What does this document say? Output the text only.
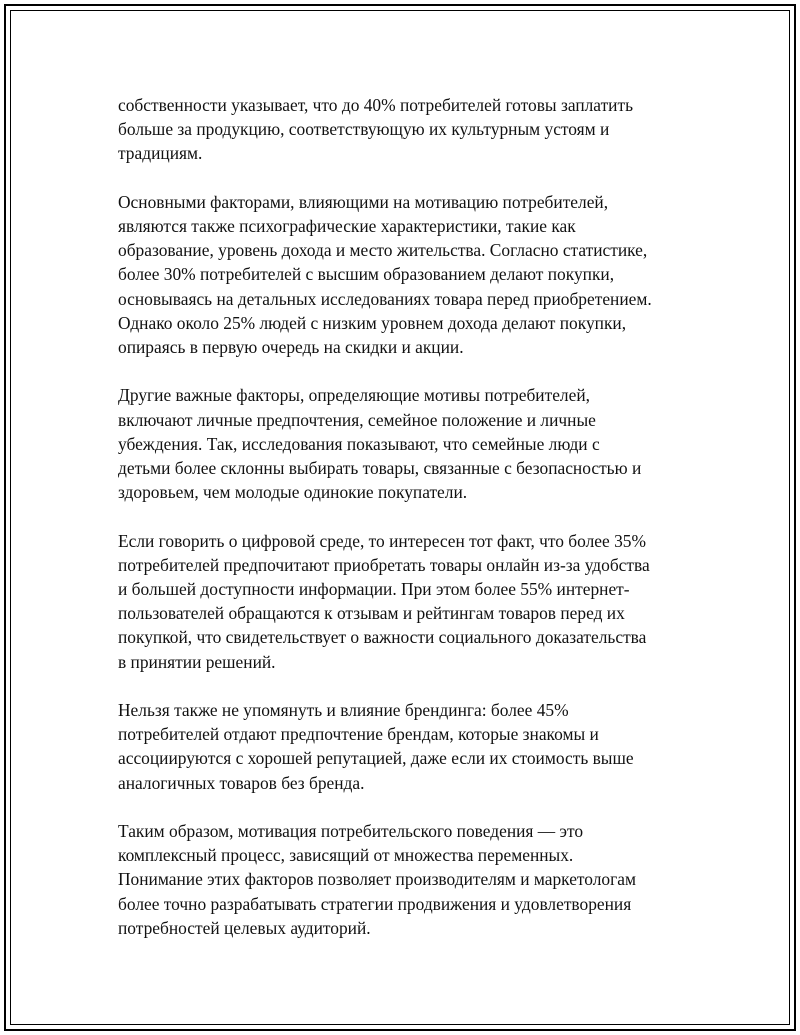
собственности указывает, что до 40% потребителей готовы заплатить
больше за продукцию, соответствующую их культурным устоям и
традициям.

Основными факторами, влияющими на мотивацию потребителей,
являются также психографические характеристики, такие как
образование, уровень дохода и место жительства. Согласно статистике,
более 30% потребителей с высшим образованием делают покупки,
основываясь на детальных исследованиях товара перед приобретением.
Однако около 25% людей с низким уровнем дохода делают покупки,
опираясь в первую очередь на скидки и акции.

Другие важные факторы, определяющие мотивы потребителей,
включают личные предпочтения, семейное положение и личные
убеждения. Так, исследования показывают, что семейные люди с
детьми более склонны выбирать товары, связанные с безопасностью и
здоровьем, чем молодые одинокие покупатели.

Если говорить о цифровой среде, то интересен тот факт, что более 35%
потребителей предпочитают приобретать товары онлайн из-за удобства
и большей доступности информации. При этом более 55% интернет-
пользователей обращаются к отзывам и рейтингам товаров перед их
покупкой, что свидетельствует о важности социального доказательства
в принятии решений.

Нельзя также не упомянуть и влияние брендинга: более 45%
потребителей отдают предпочтение брендам, которые знакомы и
ассоциируются с хорошей репутацией, даже если их стоимость выше
аналогичных товаров без бренда.

Таким образом, мотивация потребительского поведения — это
комплексный процесс, зависящий от множества переменных.
Понимание этих факторов позволяет производителям и маркетологам
более точно разрабатывать стратегии продвижения и удовлетворения
потребностей целевых аудиторий.
